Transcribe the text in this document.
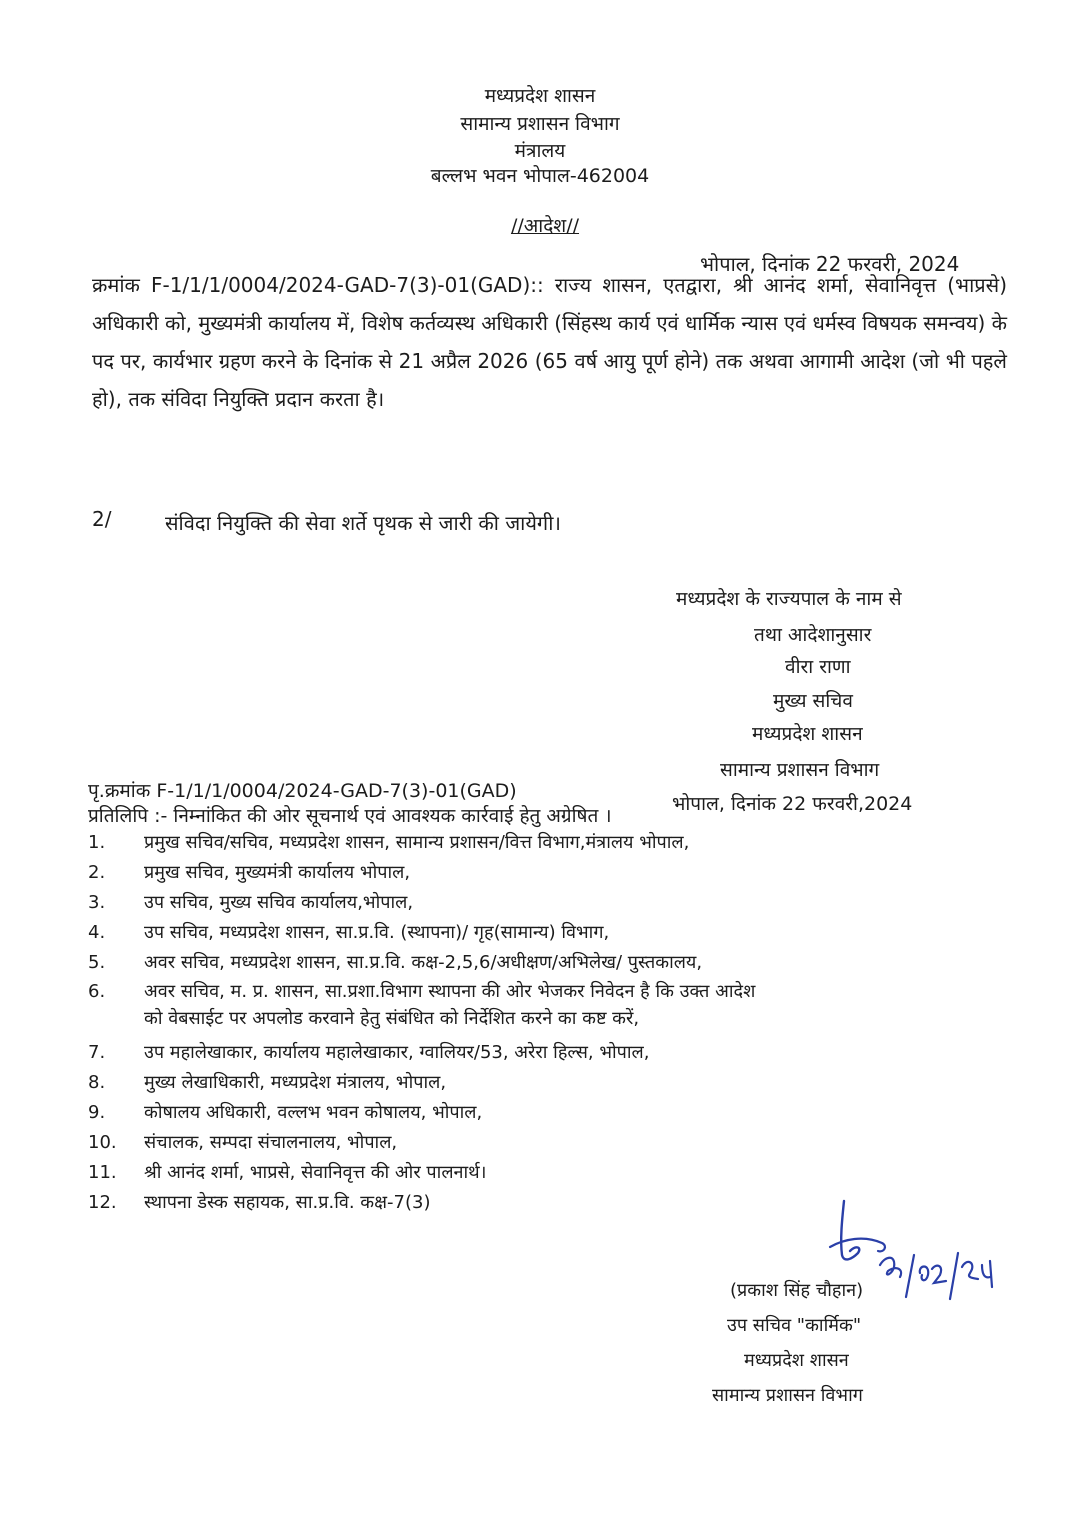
मध्यप्रदेश शासन
सामान्य प्रशासन विभाग
मंत्रालय
बल्लभ भवन भोपाल-462004
//आदेश//
भोपाल, दिनांक 22 फरवरी, 2024
क्रमांक F-1/1/1/0004/2024-GAD-7(3)-01(GAD):: राज्य शासन, एतद्वारा, श्री आनंद शर्मा, सेवानिवृत्त (भाप्रसे) अधिकारी को, मुख्यमंत्री कार्यालय में, विशेष कर्तव्यस्थ अधिकारी (सिंहस्थ कार्य एवं धार्मिक न्यास एवं धर्मस्व विषयक समन्वय) के पद पर, कार्यभार ग्रहण करने के दिनांक से 21 अप्रैल 2026 (65 वर्ष आयु पूर्ण होने) तक अथवा आगामी आदेश (जो भी पहले हो), तक संविदा नियुक्ति प्रदान करता है।
2/	संविदा नियुक्ति की सेवा शर्ते पृथक से जारी की जायेगी।
मध्यप्रदेश के राज्यपाल के नाम से
तथा आदेशानुसार
वीरा राणा
मुख्य सचिव
मध्यप्रदेश शासन
सामान्य प्रशासन विभाग
पृ.क्रमांक F-1/1/1/0004/2024-GAD-7(3)-01(GAD)
भोपाल, दिनांक 22 फरवरी,2024
प्रतिलिपि :- निम्नांकित की ओर सूचनार्थ एवं आवश्यक कार्रवाई हेतु अग्रेषित ।
1. प्रमुख सचिव/सचिव, मध्यप्रदेश शासन, सामान्य प्रशासन/वित्त विभाग,मंत्रालय भोपाल,
2. प्रमुख सचिव, मुख्यमंत्री कार्यालय भोपाल,
3. उप सचिव, मुख्य सचिव कार्यालय,भोपाल,
4. उप सचिव, मध्यप्रदेश शासन, सा.प्र.वि. (स्थापना)/ गृह(सामान्य) विभाग,
5. अवर सचिव, मध्यप्रदेश शासन, सा.प्र.वि. कक्ष-2,5,6/अधीक्षण/अभिलेख/ पुस्तकालय,
6. अवर सचिव, म. प्र. शासन, सा.प्रशा.विभाग स्थापना की ओर भेजकर निवेदन है कि उक्त आदेश
को वेबसाईट पर अपलोड करवाने हेतु संबंधित को निर्देशित करने का कष्ट करें,
7. उप महालेखाकार, कार्यालय महालेखाकार, ग्वालियर/53, अरेरा हिल्स, भोपाल,
8. मुख्य लेखाधिकारी, मध्यप्रदेश मंत्रालय, भोपाल,
9. कोषालय अधिकारी, वल्लभ भवन कोषालय, भोपाल,
10. संचालक, सम्पदा संचालनालय, भोपाल,
11. श्री आनंद शर्मा, भाप्रसे, सेवानिवृत्त की ओर पालनार्थ।
12. स्थापना डेस्क सहायक, सा.प्र.वि. कक्ष-7(3)
(प्रकाश सिंह चौहान)
उप सचिव "कार्मिक"
मध्यप्रदेश शासन
सामान्य प्रशासन विभाग
